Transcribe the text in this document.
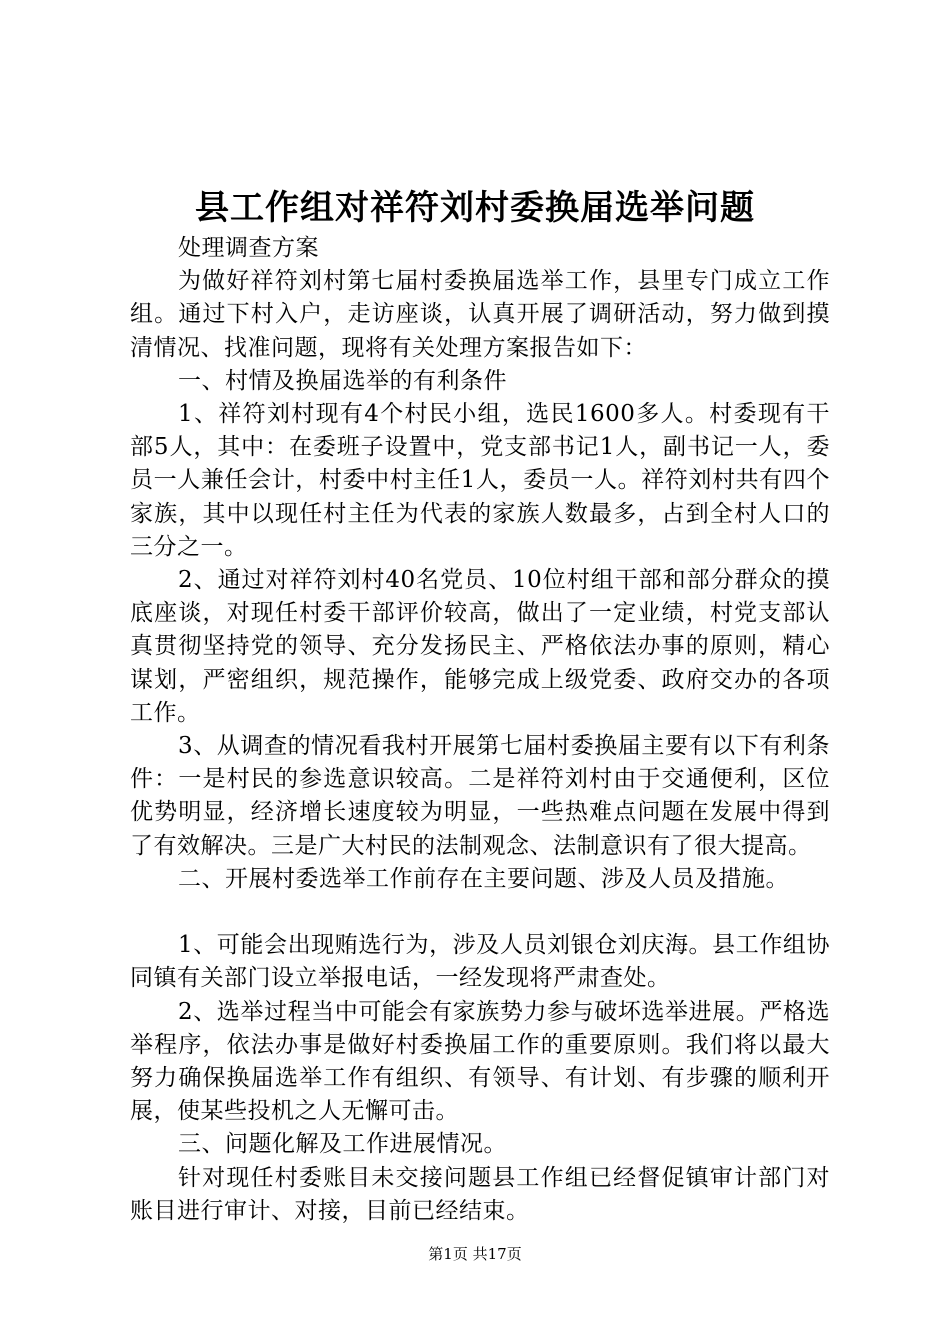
县工作组对祥符刘村委换届选举问题

处理调查方案

为做好祥符刘村第七届村委换届选举工作，县里专门成立工作组。通过下村入户，走访座谈，认真开展了调研活动，努力做到摸清情况、找准问题，现将有关处理方案报告如下：

一、村情及换届选举的有利条件

1、祥符刘村现有4个村民小组，选民1600多人。村委现有干部5人，其中：在委班子设置中，党支部书记1人，副书记一人，委员一人兼任会计，村委中村主任1人，委员一人。祥符刘村共有四个家族，其中以现任村主任为代表的家族人数最多，占到全村人口的三分之一。

2、通过对祥符刘村40名党员、10位村组干部和部分群众的摸底座谈，对现任村委干部评价较高，做出了一定业绩，村党支部认真贯彻坚持党的领导、充分发扬民主、严格依法办事的原则，精心谋划，严密组织，规范操作，能够完成上级党委、政府交办的各项工作。

3、从调查的情况看我村开展第七届村委换届主要有以下有利条件：一是村民的参选意识较高。二是祥符刘村由于交通便利，区位优势明显，经济增长速度较为明显，一些热难点问题在发展中得到了有效解决。三是广大村民的法制观念、法制意识有了很大提高。

二、开展村委选举工作前存在主要问题、涉及人员及措施。

1、可能会出现贿选行为，涉及人员刘银仓刘庆海。县工作组协同镇有关部门设立举报电话，一经发现将严肃查处。

2、选举过程当中可能会有家族势力参与破坏选举进展。严格选举程序，依法办事是做好村委换届工作的重要原则。我们将以最大努力确保换届选举工作有组织、有领导、有计划、有步骤的顺利开展，使某些投机之人无懈可击。

三、问题化解及工作进展情况。

针对现任村委账目未交接问题县工作组已经督促镇审计部门对账目进行审计、对接，目前已经结束。

第1页 共17页
